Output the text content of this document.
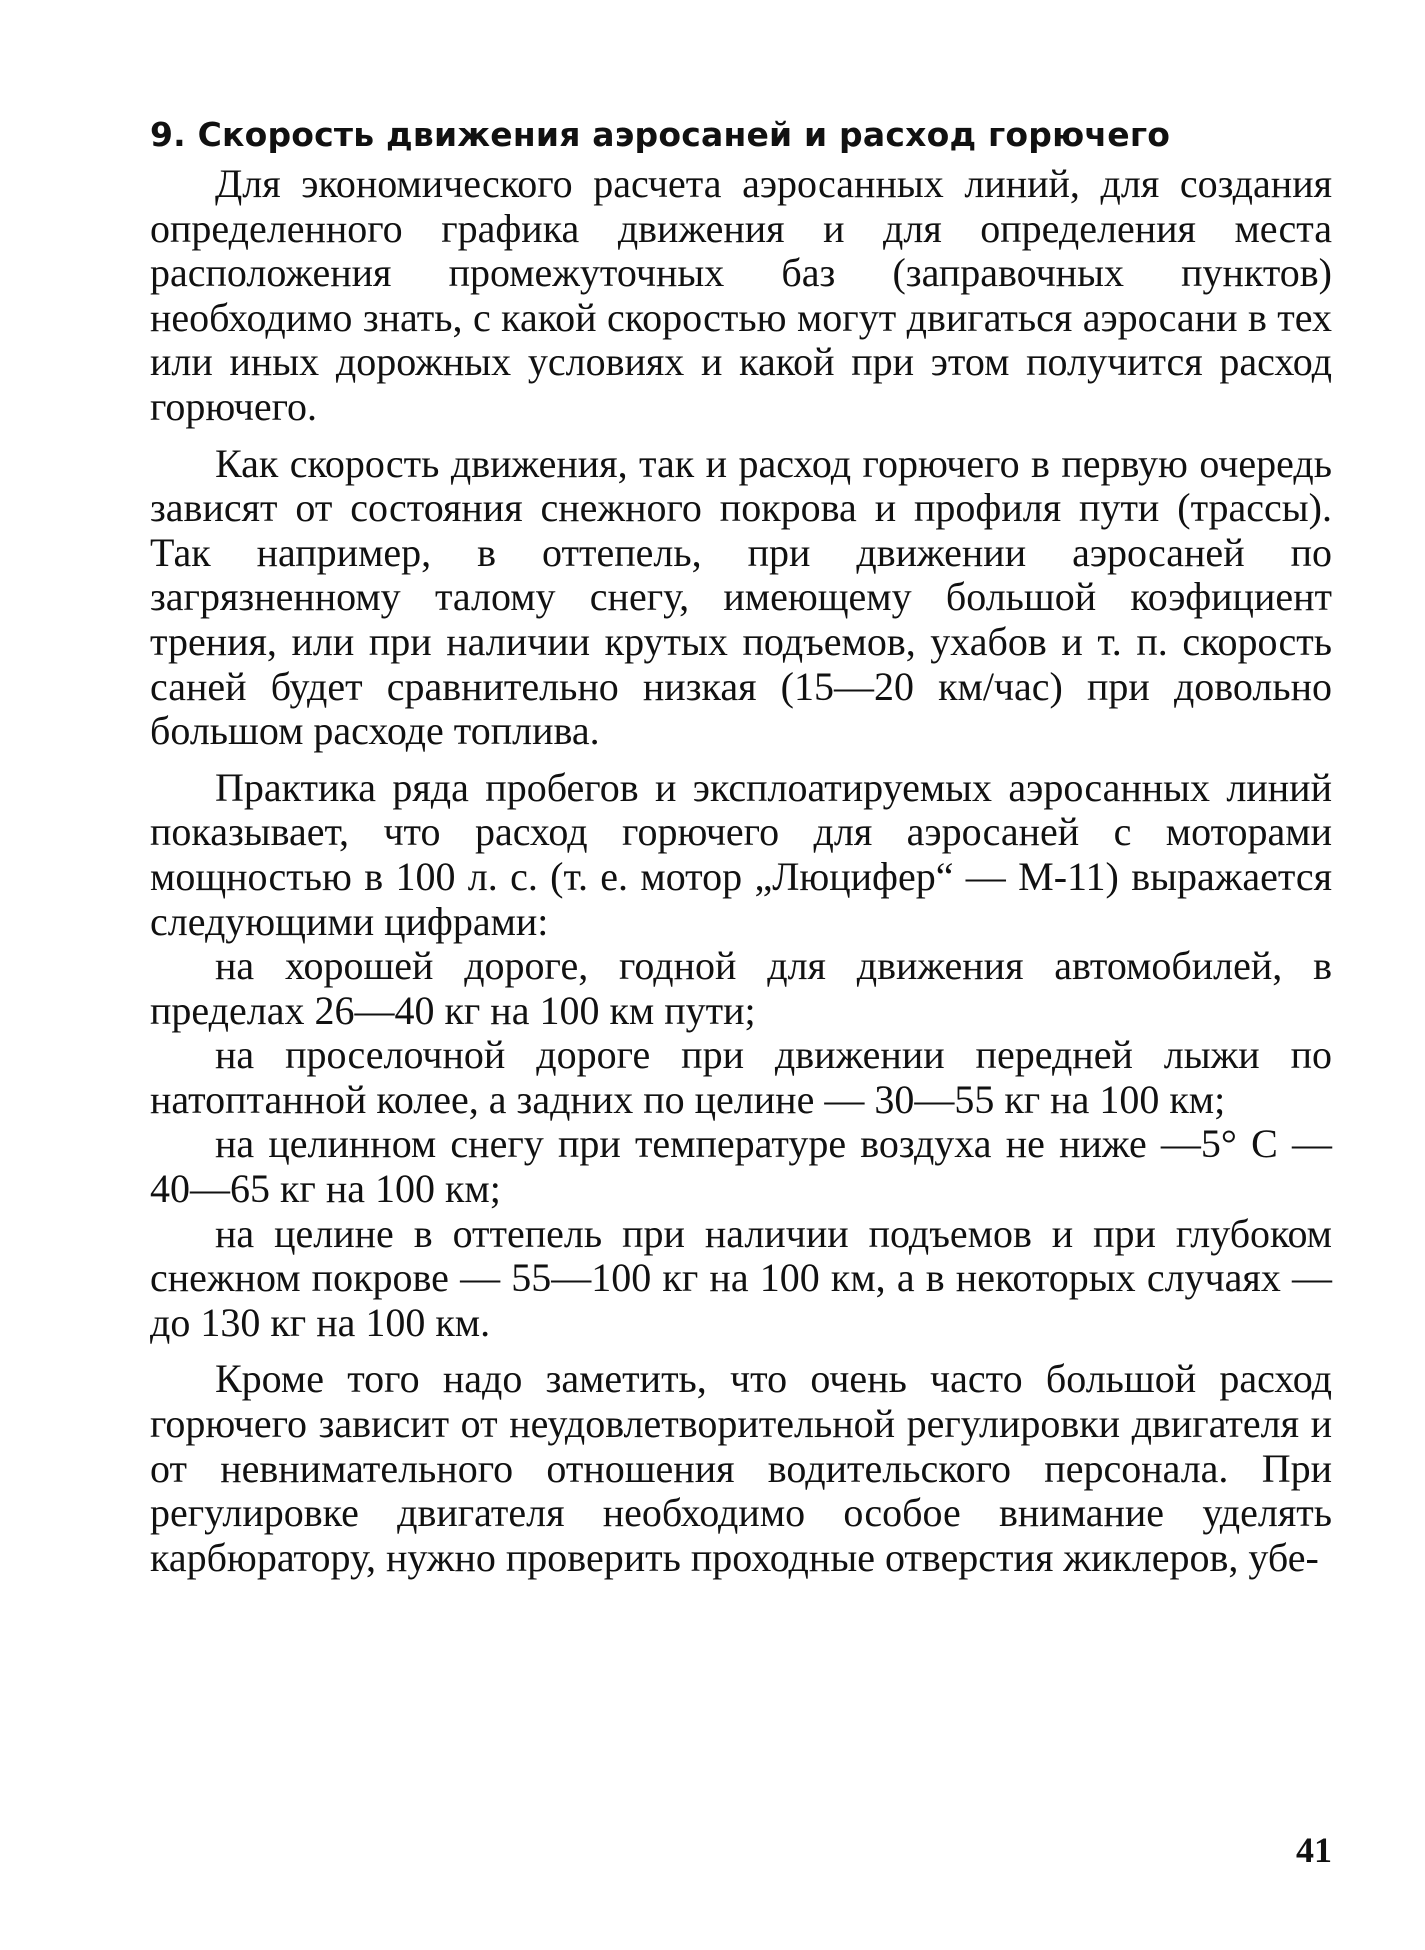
9. Скорость движения аэросаней и расход горючего

Для экономического расчета аэросанных линий, для создания определенного графика движения и для определения места расположения промежуточных баз (заправочных пунктов) необходимо знать, с какой скоростью могут двигаться аэросани в тех или иных дорожных условиях и какой при этом получится расход горючего.

Как скорость движения, так и расход горючего в первую очередь зависят от состояния снежного покрова и профиля пути (трассы). Так например, в оттепель, при движении аэросаней по загрязненному талому снегу, имеющему большой коэфициент трения, или при наличии крутых подъемов, ухабов и т. п. скорость саней будет сравнительно низкая (15—20 км/час) при довольно большом расходе топлива.

Практика ряда пробегов и эксплоатируемых аэросанных линий показывает, что расход горючего для аэросаней с моторами мощностью в 100 л. с. (т. е. мотор „Люцифер“ — М-11) выражается следующими цифрами:

на хорошей дороге, годной для движения автомобилей, в пределах 26—40 кг на 100 км пути;

на проселочной дороге при движении передней лыжи по натоптанной колее, а задних по целине — 30—55 кг на 100 км;

на целинном снегу при температуре воздуха не ниже —5° С — 40—65 кг на 100 км;

на целине в оттепель при наличии подъемов и при глубоком снежном покрове — 55—100 кг на 100 км, а в некоторых случаях — до 130 кг на 100 км.

Кроме того надо заметить, что очень часто большой расход горючего зависит от неудовлетворительной регулировки двигателя и от невнимательного отношения водительского персонала. При регулировке двигателя необходимо особое внимание уделять карбюратору, нужно проверить проходные отверстия жиклеров, убе-

41
